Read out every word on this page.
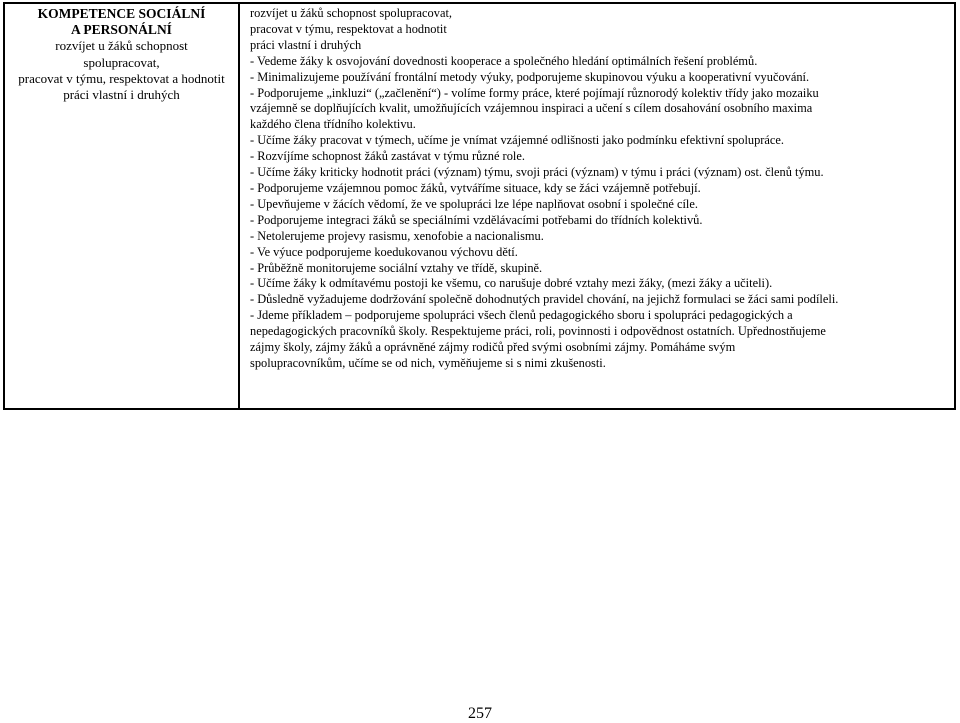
KOMPETENCE SOCIÁLNÍ
A PERSONÁLNÍ
rozvíjet u žáků schopnost
spolupracovat,
pracovat v týmu, respektovat a hodnotit
práci vlastní i druhých
rozvíjet u žáků schopnost spolupracovat,
pracovat v týmu, respektovat a hodnotit
práci vlastní i druhých
- Vedeme žáky k osvojování dovednosti kooperace a společného hledání optimálních řešení problémů.
- Minimalizujeme používání frontální metody výuky, podporujeme skupinovou výuku a kooperativní vyučování.
- Podporujeme „inkluzi“ („začlenění“) - volíme formy práce, které pojímají různorodý kolektiv třídy jako mozaiku
vzájemně se doplňujících kvalit, umožňujících vzájemnou inspiraci a učení s cílem dosahování osobního maxima
každého člena třídního kolektivu.
- Učíme žáky pracovat v týmech, učíme je vnímat vzájemné odlišnosti jako podmínku efektivní spolupráce.
- Rozvíjíme schopnost žáků zastávat v týmu různé role.
- Učíme žáky kriticky hodnotit práci (význam) týmu, svoji práci (význam) v týmu i práci (význam) ost. členů týmu.
- Podporujeme vzájemnou pomoc žáků, vytváříme situace, kdy se žáci vzájemně potřebují.
- Upevňujeme v žácích vědomí, že ve spolupráci lze lépe naplňovat osobní i společné cíle.
- Podporujeme integraci žáků se speciálními vzdělávacími potřebami do třídních kolektivů.
- Netolerujeme projevy rasismu, xenofobie a nacionalismu.
- Ve výuce podporujeme koedukovanou výchovu dětí.
- Průběžně monitorujeme sociální vztahy ve třídě, skupině.
- Učíme žáky k odmítavému postoji ke všemu, co narušuje dobré vztahy mezi žáky, (mezi žáky a učiteli).
- Důsledně vyžadujeme dodržování společně dohodnutých pravidel chování, na jejichž formulaci se žáci sami podíleli.
- Jdeme příkladem – podporujeme spolupráci všech členů pedagogického sboru i spolupráci pedagogických a
nepedagogických pracovníků školy. Respektujeme práci, roli, povinnosti i odpovědnost ostatních. Upřednostňujeme
zájmy školy, zájmy žáků a oprávněné zájmy rodičů před svými osobními zájmy. Pomáháme svým
spolupracovníkům, učíme se od nich, vyměňujeme si s nimi zkušenosti.
257
